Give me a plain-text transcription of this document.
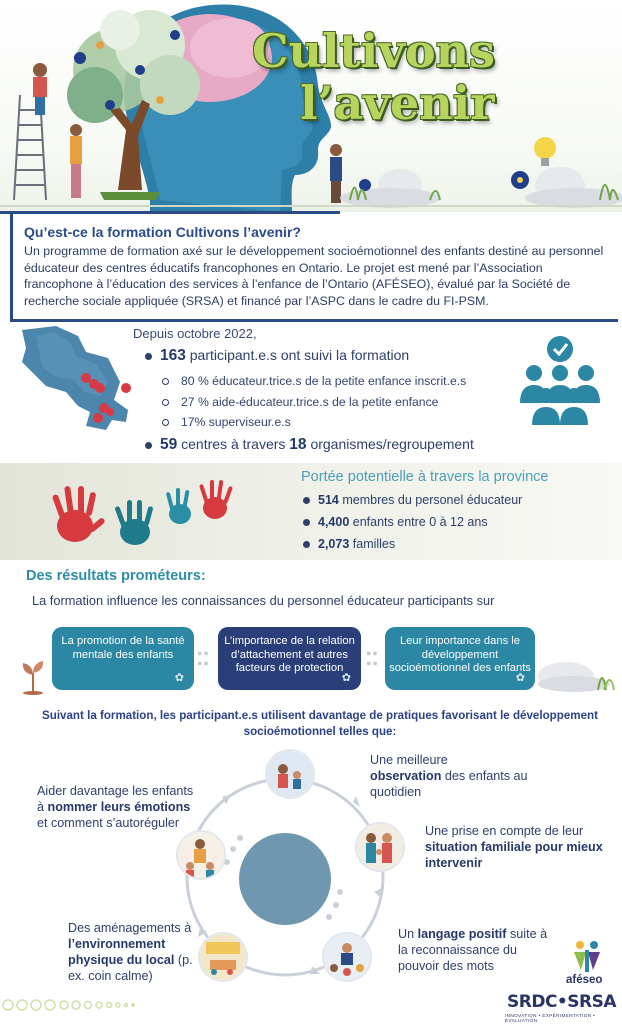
Cultivons
l’avenir
Qu’est-ce la formation Cultivons l’avenir?
Un programme de formation axé sur le développement socioémotionnel des enfants destiné au personnel éducateur des centres éducatifs francophones en Ontario. Le projet est mené par l’Association francophone à l’éducation des services à l’enfance de l’Ontario (AFÉSEO), évalué par la Société de recherche sociale appliquée (SRSA) et financé par l’ASPC dans le cadre du FI-PSM.
Depuis octobre 2022,
163 participant.e.s ont suivi la formation
80 % éducateur.trice.s de la petite enfance inscrit.e.s
27 % aide-éducateur.trice.s de la petite enfance
17% superviseur.e.s
59 centres à travers 18 organismes/regroupement
Portée potentielle à travers la province
514 membres du personel éducateur
4,400 enfants entre 0 à 12 ans
2,073 familles
Des résultats prométeurs:
La formation influence les connaissances du personnel éducateur participants sur
La promotion de la santé mentale des enfants
✿
●●
●●
L’importance de la relation d’attachement et autres facteurs de protection
✿
●●
●●
Leur importance dans le développement socioémotionnel des enfants
✿
Suivant la formation, les participant.e.s utilisent davantage de pratiques favorisant le développement socioémotionnel telles que:
Une meilleure
observation des enfants au quotidien
Une prise en compte de leur situation familiale pour mieux intervenir
Un langage positif suite à la reconnaissance du pouvoir des mots
Des aménagements à l’environnement physique du local (p. ex. coin calme)
Aider davantage les enfants à nommer leurs émotions et comment s’autoréguler
aféseo
SRDC•SRSA
INNOVATION • EXPÉRIMENTATION • ÉVALUATION
